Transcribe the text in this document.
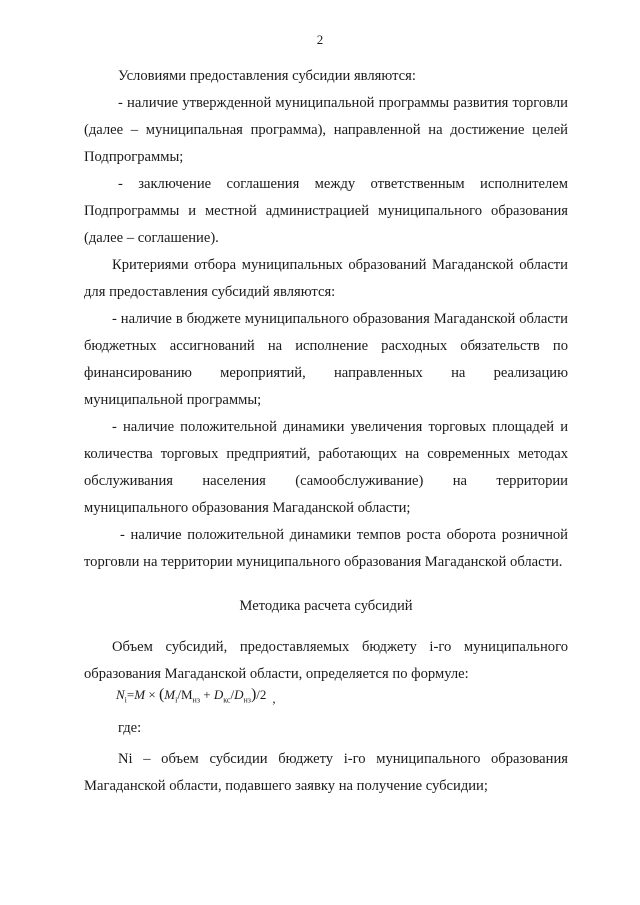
2

Условиями предоставления субсидии являются:

- наличие утвержденной муниципальной программы развития торговли (далее – муниципальная программа), направленной на достижение целей Подпрограммы;

- заключение соглашения между ответственным исполнителем Подпрограммы и местной администрацией муниципального образования (далее – соглашение).

Критериями отбора муниципальных образований Магаданской области для предоставления субсидий являются:

- наличие в бюджете муниципального образования Магаданской области бюджетных ассигнований на исполнение расходных обязательств по финансированию мероприятий, направленных на реализацию муниципальной программы;

- наличие положительной динамики увеличения торговых площадей и количества торговых предприятий, работающих на современных методах обслуживания населения (самообслуживание) на территории муниципального образования Магаданской области;

- наличие положительной динамики темпов роста оборота розничной торговли на территории муниципального образования Магаданской области.

Методика расчета субсидий

Объем субсидий, предоставляемых бюджету i-го муниципального образования Магаданской области, определяется по формуле:

$N_i=M \times (M_i/M_{нз} + D_{кс}/D_{нз})/2$ ,

где:

Ni – объем субсидии бюджету i-го муниципального образования Магаданской области, подавшего заявку на получение субсидии;
